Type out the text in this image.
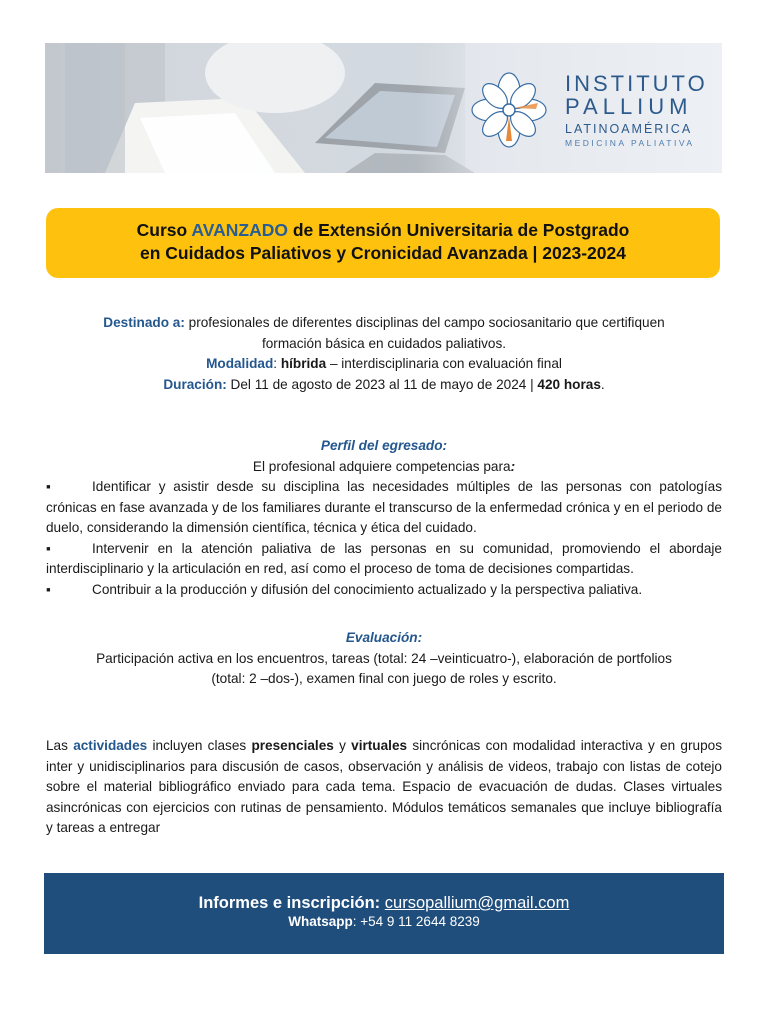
INSTITUTO
PALLIUM
LATINOAMÉRICA
MEDICINA PALIATIVA
Curso AVANZADO de Extensión Universitaria de Postgrado
en Cuidados Paliativos y Cronicidad Avanzada | 2023-2024
Destinado a: profesionales de diferentes disciplinas del campo sociosanitario que certifiquen
formación básica en cuidados paliativos.
Modalidad: híbrida – interdisciplinaria con evaluación final
Duración: Del 11 de agosto de 2023 al 11 de mayo de 2024 | 420 horas.
Perfil del egresado:
El profesional adquiere competencias para:
▪	Identificar y asistir desde su disciplina las necesidades múltiples de las personas con patologías crónicas en fase avanzada y de los familiares durante el transcurso de la enfermedad crónica y en el periodo de duelo, considerando la dimensión científica, técnica y ética del cuidado.
▪	Intervenir en la atención paliativa de las personas en su comunidad, promoviendo el abordaje interdisciplinario y la articulación en red, así como el proceso de toma de decisiones compartidas.
▪	Contribuir a la producción y difusión del conocimiento actualizado y la perspectiva paliativa.
Evaluación:
Participación activa en los encuentros, tareas (total: 24 –veinticuatro-), elaboración de portfolios
(total: 2 –dos-), examen final con juego de roles y escrito.
Las actividades incluyen clases presenciales y virtuales sincrónicas con modalidad interactiva y en grupos inter y unidisciplinarios para discusión de casos, observación y análisis de videos, trabajo con listas de cotejo sobre el material bibliográfico enviado para cada tema. Espacio de evacuación de dudas. Clases virtuales asincrónicas con ejercicios con rutinas de pensamiento. Módulos temáticos semanales que incluye bibliografía y tareas a entregar
Informes e inscripción: cursopallium@gmail.com
Whatsapp: +54 9 11 2644 8239
